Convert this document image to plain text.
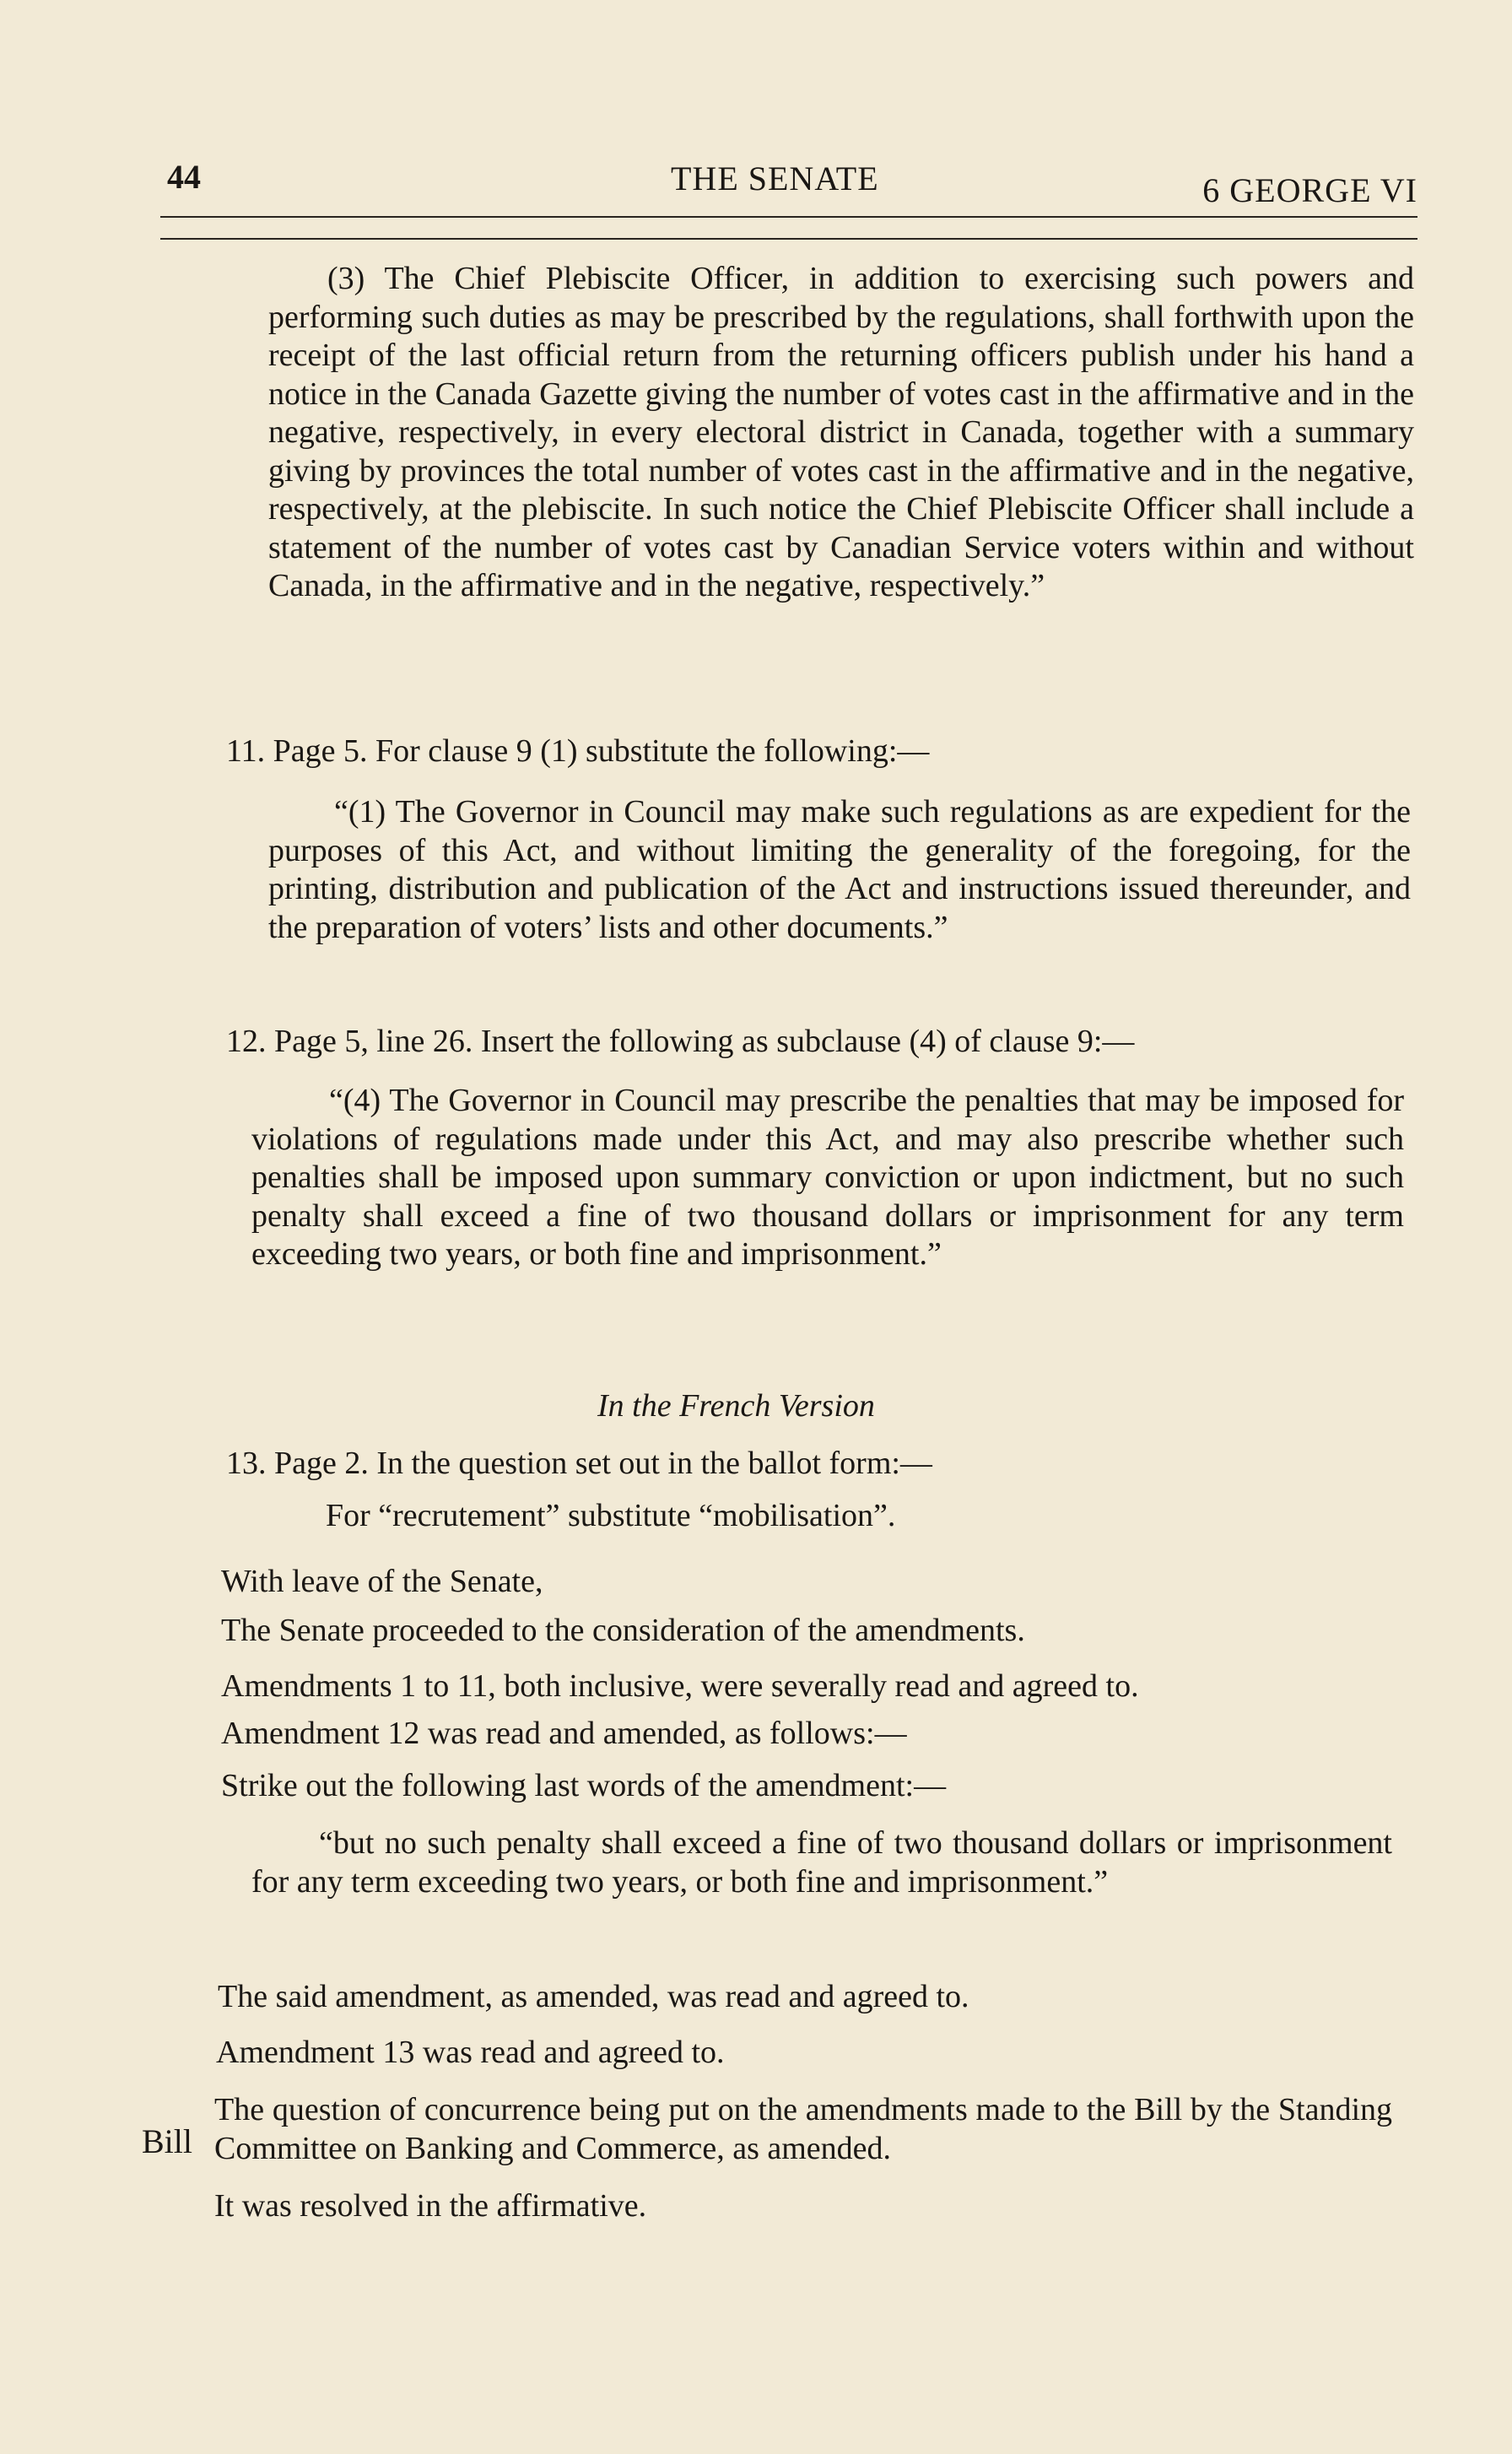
44	THE SENATE	6 GEORGE VI

(3) The Chief Plebiscite Officer, in addition to exercising such powers and performing such duties as may be prescribed by the regulations, shall forthwith upon the receipt of the last official return from the returning officers publish under his hand a notice in the Canada Gazette giving the number of votes cast in the affirmative and in the negative, respectively, in every electoral district in Canada, together with a summary giving by provinces the total number of votes cast in the affirmative and in the negative, respectively, at the plebiscite. In such notice the Chief Plebiscite Officer shall include a statement of the number of votes cast by Canadian Service voters within and without Canada, in the affirmative and in the negative, respectively.”

11. Page 5. For clause 9 (1) substitute the following:—

“(1) The Governor in Council may make such regulations as are expedient for the purposes of this Act, and without limiting the generality of the foregoing, for the printing, distribution and publication of the Act and instructions issued thereunder, and the preparation of voters’ lists and other documents.”

12. Page 5, line 26. Insert the following as subclause (4) of clause 9:—

“(4) The Governor in Council may prescribe the penalties that may be imposed for violations of regulations made under this Act, and may also prescribe whether such penalties shall be imposed upon summary conviction or upon indictment, but no such penalty shall exceed a fine of two thousand dollars or imprisonment for any term exceeding two years, or both fine and imprisonment.”

In the French Version

13. Page 2. In the question set out in the ballot form:—

For “recrutement” substitute “mobilisation”.

With leave of the Senate,

The Senate proceeded to the consideration of the amendments.

Amendments 1 to 11, both inclusive, were severally read and agreed to.

Amendment 12 was read and amended, as follows:—

Strike out the following last words of the amendment:—

“but no such penalty shall exceed a fine of two thousand dollars or imprisonment for any term exceeding two years, or both fine and imprisonment.”

The said amendment, as amended, was read and agreed to.

Amendment 13 was read and agreed to.

Bill

The question of concurrence being put on the amendments made to the Bill by the Standing Committee on Banking and Commerce, as amended.

It was resolved in the affirmative.
